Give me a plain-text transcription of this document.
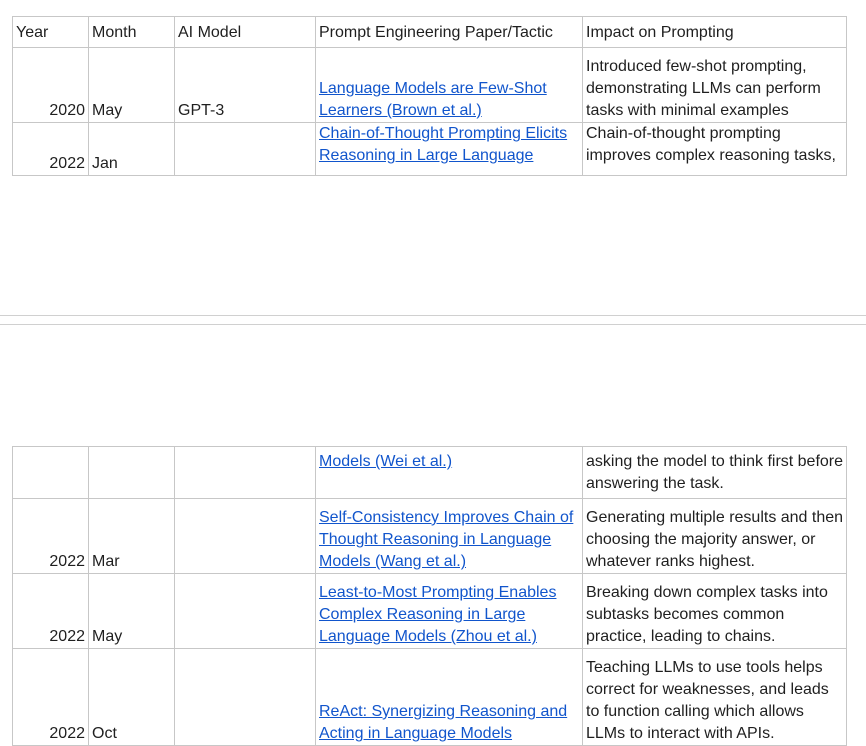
Year	Month	AI Model	Prompt Engineering Paper/Tactic	Impact on Prompting
2020	May	GPT-3	Language Models are Few-Shot Learners (Brown et al.)	Introduced few-shot prompting, demonstrating LLMs can perform tasks with minimal examples
2022	Jan		Chain-of-Thought Prompting Elicits Reasoning in Large Language	Chain-of-thought prompting improves complex reasoning tasks,

			Models (Wei et al.)	asking the model to think first before answering the task.

2022	Mar		Self-Consistency Improves Chain of Thought Reasoning in Language Models (Wang et al.)	Generating multiple results and then choosing the majority answer, or whatever ranks highest.
2022	May		Least-to-Most Prompting Enables Complex Reasoning in Large Language Models (Zhou et al.)	Breaking down complex tasks into subtasks becomes common practice, leading to chains.
2022	Oct		ReAct: Synergizing Reasoning and Acting in Language Models	Teaching LLMs to use tools helps correct for weaknesses, and leads to function calling which allows LLMs to interact with APIs.
